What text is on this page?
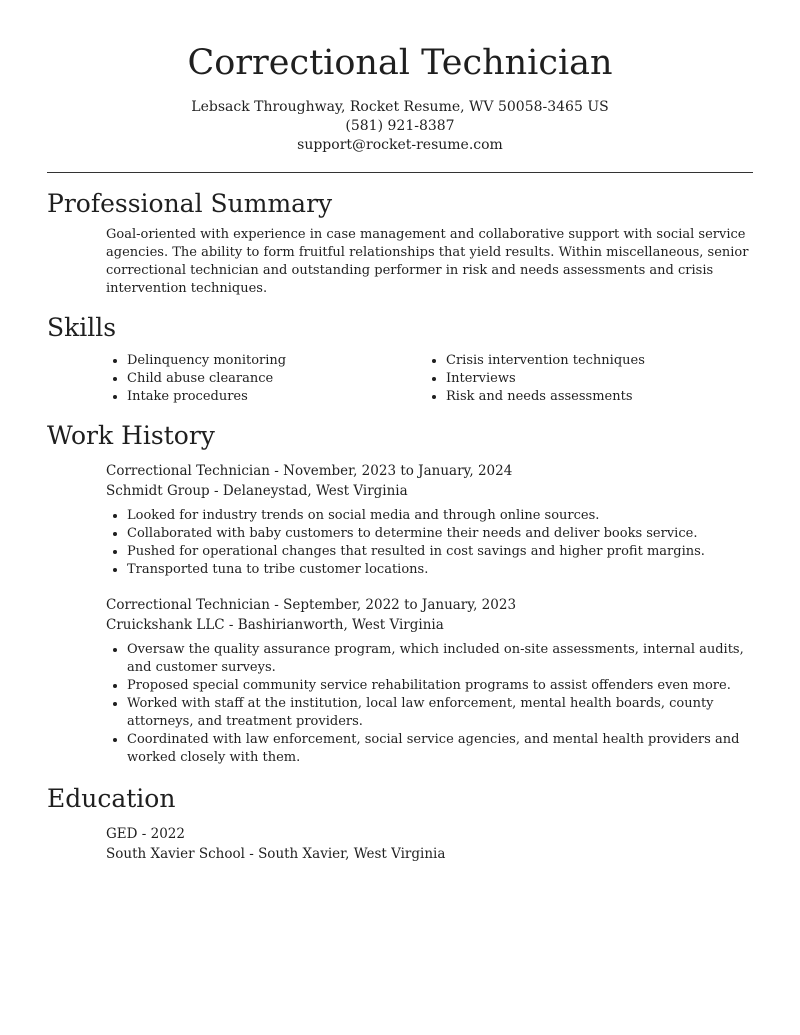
Correctional Technician
Lebsack Throughway, Rocket Resume, WV 50058-3465 US
(581) 921-8387
support@rocket-resume.com
Professional Summary

Goal-oriented with experience in case management and collaborative support with social service agencies. The ability to form fruitful relationships that yield results. Within miscellaneous, senior correctional technician and outstanding performer in risk and needs assessments and crisis intervention techniques.

Skills
• Delinquency monitoring
• Child abuse clearance
• Intake procedures
• Crisis intervention techniques
• Interviews
• Risk and needs assessments
Work History
Correctional Technician - November, 2023 to January, 2024
Schmidt Group - Delaneystad, West Virginia
• Looked for industry trends on social media and through online sources.
• Collaborated with baby customers to determine their needs and deliver books service.
• Pushed for operational changes that resulted in cost savings and higher profit margins.
• Transported tuna to tribe customer locations.
Correctional Technician - September, 2022 to January, 2023
Cruickshank LLC - Bashirianworth, West Virginia
• Oversaw the quality assurance program, which included on-site assessments, internal audits, and customer surveys.
• Proposed special community service rehabilitation programs to assist offenders even more.
• Worked with staff at the institution, local law enforcement, mental health boards, county attorneys, and treatment providers.
• Coordinated with law enforcement, social service agencies, and mental health providers and worked closely with them.
Education
GED - 2022
South Xavier School - South Xavier, West Virginia
